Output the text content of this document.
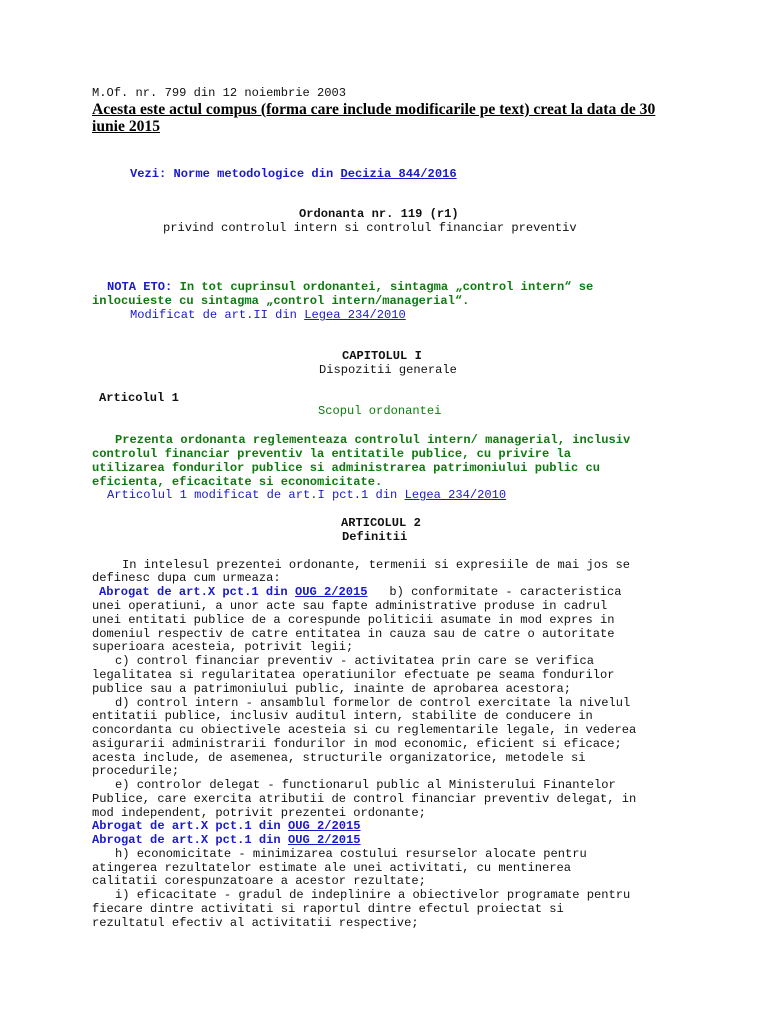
M.Of. nr. 799 din 12 noiembrie 2003
Acesta este actul compus (forma care include modificarile pe text) creat la data de 30
iunie 2015
Vezi: Norme metodologice din Decizia 844/2016
Ordonanta nr. 119 (r1)
privind controlul intern si controlul financiar preventiv
NOTA ETO: In tot cuprinsul ordonantei, sintagma „control intern“ se
inlocuieste cu sintagma „control intern/managerial“.
Modificat de art.II din Legea 234/2010
CAPITOLUL I
Dispozitii generale
Articolul 1
Scopul ordonantei
Prezenta ordonanta reglementeaza controlul intern/ managerial, inclusiv
controlul financiar preventiv la entitatile publice, cu privire la
utilizarea fondurilor publice si administrarea patrimoniului public cu
eficienta, eficacitate si economicitate.
Articolul 1 modificat de art.I pct.1 din Legea 234/2010
ARTICOLUL 2
Definitii
In intelesul prezentei ordonante, termenii si expresiile de mai jos se
definesc dupa cum urmeaza:
Abrogat de art.X pct.1 din OUG 2/2015 b) conformitate - caracteristica
unei operatiuni, a unor acte sau fapte administrative produse in cadrul
unei entitati publice de a corespunde politicii asumate in mod expres in
domeniul respectiv de catre entitatea in cauza sau de catre o autoritate
superioara acesteia, potrivit legii;
c) control financiar preventiv - activitatea prin care se verifica
legalitatea si regularitatea operatiunilor efectuate pe seama fondurilor
publice sau a patrimoniului public, inainte de aprobarea acestora;
d) control intern - ansamblul formelor de control exercitate la nivelul
entitatii publice, inclusiv auditul intern, stabilite de conducere in
concordanta cu obiectivele acesteia si cu reglementarile legale, in vederea
asigurarii administrarii fondurilor in mod economic, eficient si eficace;
acesta include, de asemenea, structurile organizatorice, metodele si
procedurile;
e) controlor delegat - functionarul public al Ministerului Finantelor
Publice, care exercita atributii de control financiar preventiv delegat, in
mod independent, potrivit prezentei ordonante;
Abrogat de art.X pct.1 din OUG 2/2015
Abrogat de art.X pct.1 din OUG 2/2015
h) economicitate - minimizarea costului resurselor alocate pentru
atingerea rezultatelor estimate ale unei activitati, cu mentinerea
calitatii corespunzatoare a acestor rezultate;
i) eficacitate - gradul de indeplinire a obiectivelor programate pentru
fiecare dintre activitati si raportul dintre efectul proiectat si
rezultatul efectiv al activitatii respective;
